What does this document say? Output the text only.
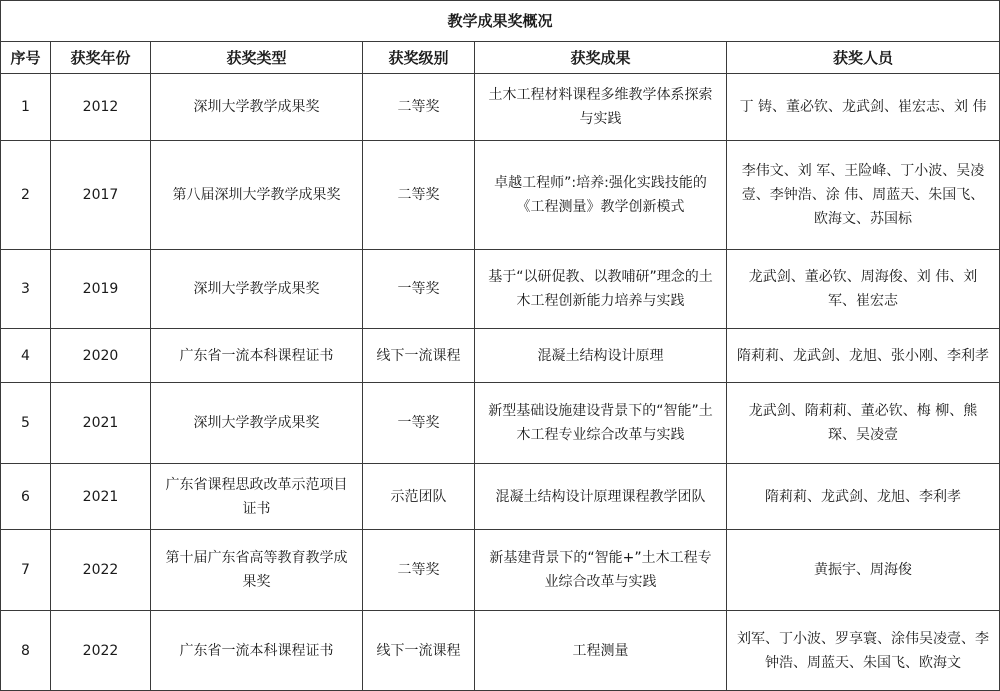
教学成果奖概况					
序号	获奖年份	获奖类型	获奖级别	获奖成果	获奖人员
1	2012	深圳大学教学成果奖	二等奖	土木工程材料课程多维教学体系探索与实践	丁 铸、董必钦、龙武剑、崔宏志、刘 伟
2	2017	第八届深圳大学教学成果奖	二等奖	卓越工程师”:培养:强化实践技能的《工程测量》教学创新模式	李伟文、刘 军、王险峰、丁小波、吴凌壹、李钟浩、涂 伟、周蓝天、朱国飞、欧海文、苏国标
3	2019	深圳大学教学成果奖	一等奖	基于“以研促教、以教哺研”理念的土木工程创新能力培养与实践	龙武剑、董必钦、周海俊、刘 伟、刘军、崔宏志
4	2020	广东省一流本科课程证书	线下一流课程	混凝土结构设计原理	隋莉莉、龙武剑、龙旭、张小刚、李利孝
5	2021	深圳大学教学成果奖	一等奖	新型基础设施建设背景下的“智能”土木工程专业综合改革与实践	龙武剑、隋莉莉、董必钦、梅 柳、熊琛、吴凌壹
6	2021	广东省课程思政改革示范项目证书	示范团队	混凝土结构设计原理课程教学团队	隋莉莉、龙武剑、龙旭、李利孝
7	2022	第十届广东省高等教育教学成果奖	二等奖	新基建背景下的“智能+”土木工程专业综合改革与实践	黄振宇、周海俊
8	2022	广东省一流本科课程证书	线下一流课程	工程测量	刘军、丁小波、罗享寰、涂伟吴凌壹、李钟浩、周蓝天、朱国飞、欧海文
